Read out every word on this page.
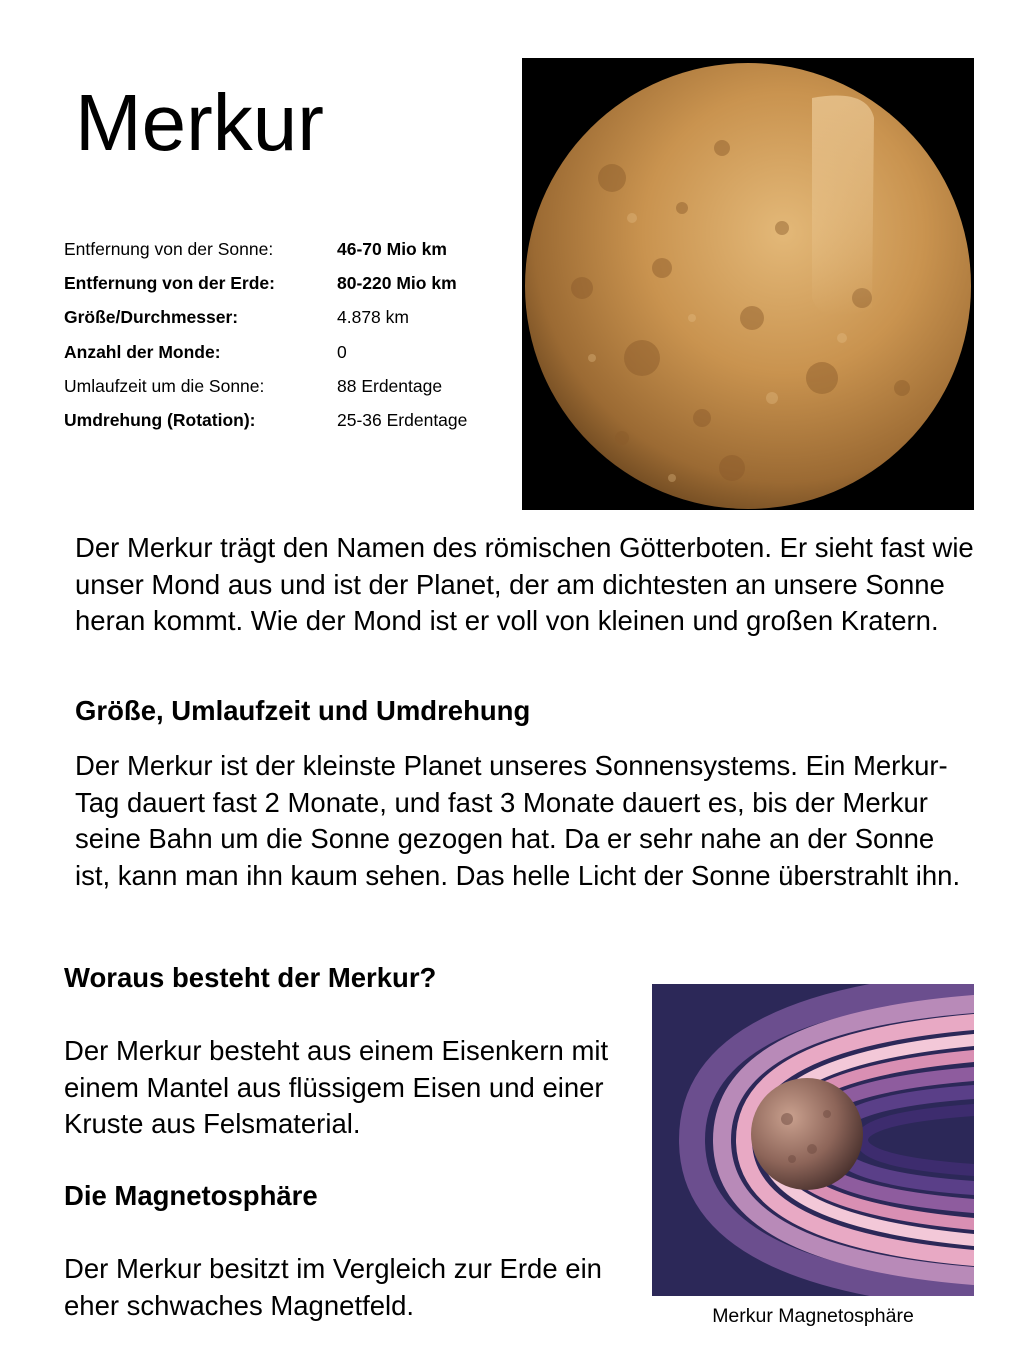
Merkur
Entfernung von der Sonne:	46-70 Mio km
Entfernung von der Erde:	80-220 Mio km
Größe/Durchmesser:	4.878 km
Anzahl der Monde:	0
Umlaufzeit um die Sonne:	88 Erdentage
Umdrehung (Rotation):	25-36 Erdentage

Der Merkur trägt den Namen des römischen Götterboten. Er sieht fast wie unser Mond aus und ist der Planet, der am dichtesten an unsere Sonne heran kommt. Wie der Mond ist er voll von kleinen und großen Kratern.

Größe, Umlaufzeit und Umdrehung

Der Merkur ist der kleinste Planet unseres Sonnensystems. Ein Merkur-Tag dauert fast 2 Monate, und fast 3 Monate dauert es, bis der Merkur seine Bahn um die Sonne gezogen hat. Da er sehr nahe an der Sonne ist, kann man ihn kaum sehen. Das helle Licht der Sonne überstrahlt ihn.

Woraus besteht der Merkur?

Der Merkur besteht aus einem Eisenkern mit einem Mantel aus flüssigem Eisen und einer Kruste aus Felsmaterial.

Die Magnetosphäre

Der Merkur besitzt im Vergleich zur Erde ein eher schwaches Magnetfeld.	Merkur Magnetosphäre
